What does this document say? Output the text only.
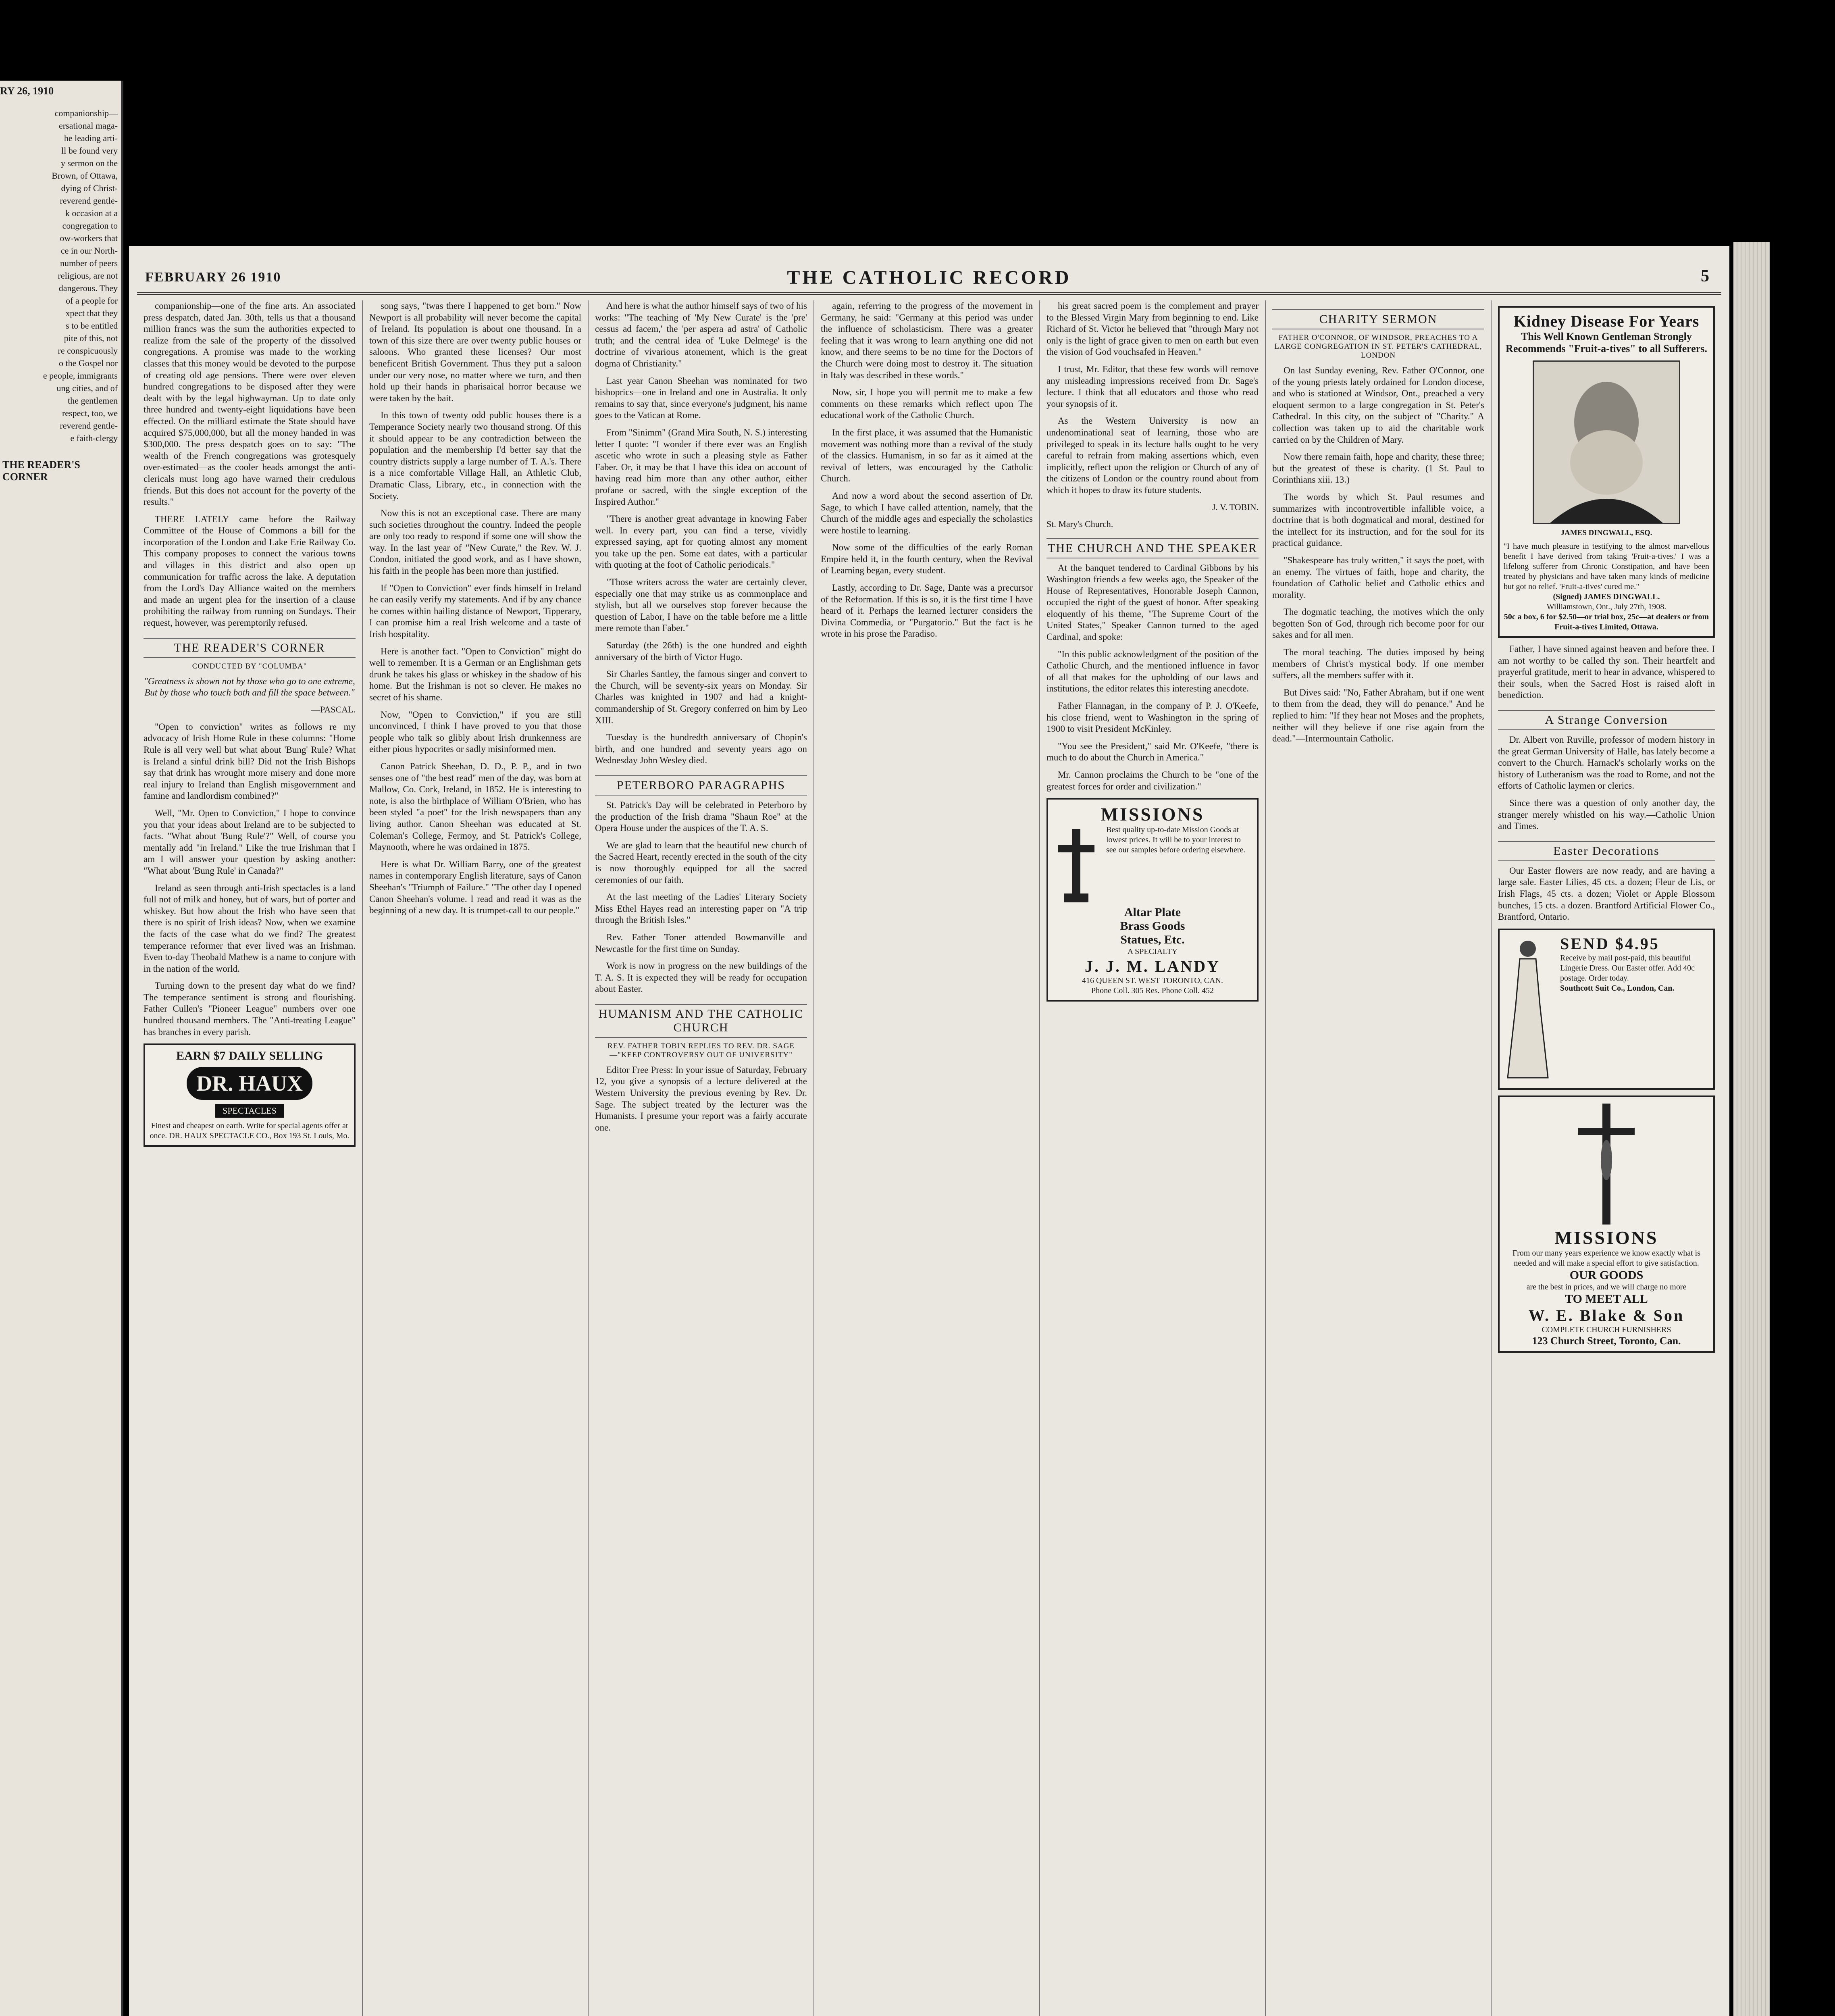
RY 26, 1910
companionship—
ersational maga-
he leading arti-
ll be found very
y sermon on the
Brown, of Ottawa,
dying of Christ-
reverend gentle-
k occasion at a
congregation to
ow-workers that
ce in our North-
number of peers
religious, are not
dangerous. They
of a people for
xpect that they
s to be entitled
pite of this, not
re conspicuously
o the Gospel nor
e people, immigrants
ung cities, and of
the gentlemen
respect, too, we
reverend gentle-
e faith-clergy
THE READER'S CORNER
FEBRUARY 26 1910	THE CATHOLIC RECORD	5

companionship—one of the fine arts. An associated press despatch, dated Jan. 30th, tells us that a thousand million francs was the sum the authorities expected to realize from the sale of the property of the dissolved congregations. A promise was made to the working classes that this money would be devoted to the purpose of creating old age pensions. There were over eleven hundred congregations to be disposed after they were dealt with by the legal highwayman. Up to date only three hundred and twenty-eight liquidations have been effected. On the milliard estimate the State should have acquired $75,000,000, but all the money handed in was $300,000. The press despatch goes on to say: "The wealth of the French congregations was grotesquely over-estimated—as the cooler heads amongst the anti-clericals must long ago have warned their credulous friends. But this does not account for the poverty of the results."

THERE LATELY came before the Railway Committee of the House of Commons a bill for the incorporation of the London and Lake Erie Railway Co. This company proposes to connect the various towns and villages in this district and also open up communication for traffic across the lake. A deputation from the Lord's Day Alliance waited on the members and made an urgent plea for the insertion of a clause prohibiting the railway from running on Sundays. Their request, however, was peremptorily refused.

THE READER'S CORNER
CONDUCTED BY "COLUMBA"

"Greatness is shown not by those who go to one extreme, But by those who touch both and fill the space between."

—PASCAL.

"Open to conviction" writes as follows re my advocacy of Irish Home Rule in these columns: "Home Rule is all very well but what about 'Bung' Rule? What is Ireland a sinful drink bill? Did not the Irish Bishops say that drink has wrought more misery and done more real injury to Ireland than English misgovernment and famine and landlordism combined?"

Well, "Mr. Open to Conviction," I hope to convince you that your ideas about Ireland are to be subjected to facts. "What about 'Bung Rule'?" Well, of course you mentally add "in Ireland." Like the true Irishman that I am I will answer your question by asking another: "What about 'Bung Rule' in Canada?"

Ireland as seen through anti-Irish spectacles is a land full not of milk and honey, but of wars, but of porter and whiskey. But how about the Irish who have seen that there is no spirit of Irish ideas? Now, when we examine the facts of the case what do we find? The greatest temperance reformer that ever lived was an Irishman. Even to-day Theobald Mathew is a name to conjure with in the nation of the world.

Turning down to the present day what do we find? The temperance sentiment is strong and flourishing. Father Cullen's "Pioneer League" numbers over one hundred thousand members. The "Anti-treating League" has branches in every parish.

EARN $7 DAILY SELLING
DR. HAUX
SPECTACLES
Finest and cheapest on earth. Write for special agents offer at once. DR. HAUX SPECTACLE CO., Box 193 St. Louis, Mo.

song says, "twas there I happened to get born." Now Newport is all probability will never become the capital of Ireland. Its population is about one thousand. In a town of this size there are over twenty public houses or saloons. Who granted these licenses? Our most beneficent British Government. Thus they put a saloon under our very nose, no matter where we turn, and then hold up their hands in pharisaical horror because we were taken by the bait.

In this town of twenty odd public houses there is a Temperance Society nearly two thousand strong. Of this it should appear to be any contradiction between the population and the membership I'd better say that the country districts supply a large number of T. A.'s. There is a nice comfortable Village Hall, an Athletic Club, Dramatic Class, Library, etc., in connection with the Society.

Now this is not an exceptional case. There are many such societies throughout the country. Indeed the people are only too ready to respond if some one will show the way. In the last year of "New Curate," the Rev. W. J. Condon, initiated the good work, and as I have shown, his faith in the people has been more than justified.

If "Open to Conviction" ever finds himself in Ireland he can easily verify my statements. And if by any chance he comes within hailing distance of Newport, Tipperary, I can promise him a real Irish welcome and a taste of Irish hospitality.

Here is another fact. "Open to Conviction" might do well to remember. It is a German or an Englishman gets drunk he takes his glass or whiskey in the shadow of his home. But the Irishman is not so clever. He makes no secret of his shame.

Now, "Open to Conviction," if you are still unconvinced, I think I have proved to you that those people who talk so glibly about Irish drunkenness are either pious hypocrites or sadly misinformed men.

Canon Patrick Sheehan, D. D., P. P., and in two senses one of "the best read" men of the day, was born at Mallow, Co. Cork, Ireland, in 1852. He is interesting to note, is also the birthplace of William O'Brien, who has been styled "a poet" for the Irish newspapers than any living author. Canon Sheehan was educated at St. Coleman's College, Fermoy, and St. Patrick's College, Maynooth, where he was ordained in 1875.

Here is what Dr. William Barry, one of the greatest names in contemporary English literature, says of Canon Sheehan's "Triumph of Failure." "The other day I opened Canon Sheehan's volume. I read and read it was as the beginning of a new day. It is trumpet-call to our people."

And here is what the author himself says of two of his works: "The teaching of 'My New Curate' is the 'pre' cessus ad facem,' the 'per aspera ad astra' of Catholic truth; and the central idea of 'Luke Delmege' is the doctrine of vivarious atonement, which is the great dogma of Christianity."

Last year Canon Sheehan was nominated for two bishoprics—one in Ireland and one in Australia. It only remains to say that, since everyone's judgment, his name goes to the Vatican at Rome.

From "Sinimm" (Grand Mira South, N. S.) interesting letter I quote: "I wonder if there ever was an English ascetic who wrote in such a pleasing style as Father Faber. Or, it may be that I have this idea on account of having read him more than any other author, either profane or sacred, with the single exception of the Inspired Author."

"There is another great advantage in knowing Faber well. In every part, you can find a terse, vividly expressed saying, apt for quoting almost any moment you take up the pen. Some eat dates, with a particular with quoting at the foot of Catholic periodicals."

"Those writers across the water are certainly clever, especially one that may strike us as commonplace and stylish, but all we ourselves stop forever because the question of Labor, I have on the table before me a little mere remote than Faber."

Saturday (the 26th) is the one hundred and eighth anniversary of the birth of Victor Hugo.

Sir Charles Santley, the famous singer and convert to the Church, will be seventy-six years on Monday. Sir Charles was knighted in 1907 and had a knight-commandership of St. Gregory conferred on him by Leo XIII.

Tuesday is the hundredth anniversary of Chopin's birth, and one hundred and seventy years ago on Wednesday John Wesley died.

PETERBORO PARAGRAPHS

St. Patrick's Day will be celebrated in Peterboro by the production of the Irish drama "Shaun Roe" at the Opera House under the auspices of the T. A. S.

We are glad to learn that the beautiful new church of the Sacred Heart, recently erected in the south of the city is now thoroughly equipped for all the sacred ceremonies of our faith.

At the last meeting of the Ladies' Literary Society Miss Ethel Hayes read an interesting paper on "A trip through the British Isles."

Rev. Father Toner attended Bowmanville and Newcastle for the first time on Sunday.

Work is now in progress on the new buildings of the T. A. S. It is expected they will be ready for occupation about Easter.

HUMANISM AND THE CATHOLIC CHURCH
REV. FATHER TOBIN REPLIES TO REV. DR. SAGE—"KEEP CONTROVERSY OUT OF UNIVERSITY"

Editor Free Press: In your issue of Saturday, February 12, you give a synopsis of a lecture delivered at the Western University the previous evening by Rev. Dr. Sage. The subject treated by the lecturer was the Humanists. I presume your report was a fairly accurate one.

again, referring to the progress of the movement in Germany, he said: "Germany at this period was under the influence of scholasticism. There was a greater feeling that it was wrong to learn anything one did not know, and there seems to be no time for the Doctors of the Church were doing most to destroy it. The situation in Italy was described in these words."

Now, sir, I hope you will permit me to make a few comments on these remarks which reflect upon The educational work of the Catholic Church.

In the first place, it was assumed that the Humanistic movement was nothing more than a revival of the study of the classics. Humanism, in so far as it aimed at the revival of letters, was encouraged by the Catholic Church.

And now a word about the second assertion of Dr. Sage, to which I have called attention, namely, that the Church of the middle ages and especially the scholastics were hostile to learning.

Now some of the difficulties of the early Roman Empire held it, in the fourth century, when the Revival of Learning began, every student.

Lastly, according to Dr. Sage, Dante was a precursor of the Reformation. If this is so, it is the first time I have heard of it. Perhaps the learned lecturer considers the Divina Commedia, or "Purgatorio." But the fact is he wrote in his prose the Paradiso.

his great sacred poem is the complement and prayer to the Blessed Virgin Mary from beginning to end. Like Richard of St. Victor he believed that "through Mary not only is the light of grace given to men on earth but even the vision of God vouchsafed in Heaven."

I trust, Mr. Editor, that these few words will remove any misleading impressions received from Dr. Sage's lecture. I think that all educators and those who read your synopsis of it.

As the Western University is now an undenominational seat of learning, those who are privileged to speak in its lecture halls ought to be very careful to refrain from making assertions which, even implicitly, reflect upon the religion or Church of any of the citizens of London or the country round about from which it hopes to draw its future students.

J. V. TOBIN.
St. Mary's Church.
THE CHURCH AND THE SPEAKER

At the banquet tendered to Cardinal Gibbons by his Washington friends a few weeks ago, the Speaker of the House of Representatives, Honorable Joseph Cannon, occupied the right of the guest of honor. After speaking eloquently of his theme, "The Supreme Court of the United States," Speaker Cannon turned to the aged Cardinal, and spoke:

"In this public acknowledgment of the position of the Catholic Church, and the mentioned influence in favor of all that makes for the upholding of our laws and institutions, the editor relates this interesting anecdote.

Father Flannagan, in the company of P. J. O'Keefe, his close friend, went to Washington in the spring of 1900 to visit President McKinley.

"You see the President," said Mr. O'Keefe, "there is much to do about the Church in America."

Mr. Cannon proclaims the Church to be "one of the greatest forces for order and civilization."

MISSIONS
Best quality up-to-date Mission Goods at lowest prices. It will be to your interest to see our samples before ordering elsewhere.
Altar Plate
Brass Goods
Statues, Etc.
A SPECIALTY
J. J. M. LANDY
416 QUEEN ST. WEST TORONTO, CAN.
Phone Coll. 305 Res. Phone Coll. 452
CHARITY SERMON
FATHER O'CONNOR, OF WINDSOR, PREACHES TO A LARGE CONGREGATION IN ST. PETER'S CATHEDRAL, LONDON

On last Sunday evening, Rev. Father O'Connor, one of the young priests lately ordained for London diocese, and who is stationed at Windsor, Ont., preached a very eloquent sermon to a large congregation in St. Peter's Cathedral. In this city, on the subject of "Charity." A collection was taken up to aid the charitable work carried on by the Children of Mary.

Now there remain faith, hope and charity, these three; but the greatest of these is charity. (1 St. Paul to Corinthians xiii. 13.)

The words by which St. Paul resumes and summarizes with incontrovertible infallible voice, a doctrine that is both dogmatical and moral, destined for the intellect for its instruction, and for the soul for its practical guidance.

"Shakespeare has truly written," it says the poet, with an enemy. The virtues of faith, hope and charity, the foundation of Catholic belief and Catholic ethics and morality.

The dogmatic teaching, the motives which the only begotten Son of God, through rich become poor for our sakes and for all men.

The moral teaching. The duties imposed by being members of Christ's mystical body. If one member suffers, all the members suffer with it.

But Dives said: "No, Father Abraham, but if one went to them from the dead, they will do penance." And he replied to him: "If they hear not Moses and the prophets, neither will they believe if one rise again from the dead."—Intermountain Catholic.

Kidney Disease For Years
This Well Known Gentleman Strongly Recommends "Fruit-a-tives" to all Sufferers.
JAMES DINGWALL, ESQ.
"I have much pleasure in testifying to the almost marvellous benefit I have derived from taking 'Fruit-a-tives.' I was a lifelong sufferer from Chronic Constipation, and have been treated by physicians and have taken many kinds of medicine but got no relief. 'Fruit-a-tives' cured me."
(Signed) JAMES DINGWALL.
Williamstown, Ont., July 27th, 1908.
50c a box, 6 for $2.50—or trial box, 25c—at dealers or from Fruit-a-tives Limited, Ottawa.

Father, I have sinned against heaven and before thee. I am not worthy to be called thy son. Their heartfelt and prayerful gratitude, merit to hear in advance, whispered to their souls, when the Sacred Host is raised aloft in benediction.

A Strange Conversion

Dr. Albert von Ruville, professor of modern history in the great German University of Halle, has lately become a convert to the Church. Harnack's scholarly works on the history of Lutheranism was the road to Rome, and not the efforts of Catholic laymen or clerics.

Since there was a question of only another day, the stranger merely whistled on his way.—Catholic Union and Times.

Easter Decorations

Our Easter flowers are now ready, and are having a large sale. Easter Lilies, 45 cts. a dozen; Fleur de Lis, or Irish Flags, 45 cts. a dozen; Violet or Apple Blossom bunches, 15 cts. a dozen. Brantford Artificial Flower Co., Brantford, Ontario.

SEND $4.95
Receive by mail post-paid, this beautiful Lingerie Dress. Our Easter offer. Add 40c postage. Order today.
Southcott Suit Co., London, Can.
MISSIONS
From our many years experience we know exactly what is needed and will make a special effort to give satisfaction.
OUR GOODS
are the best in prices, and we will charge no more
TO MEET ALL
W. E. Blake & Son
COMPLETE CHURCH FURNISHERS
123 Church Street, Toronto, Can.
